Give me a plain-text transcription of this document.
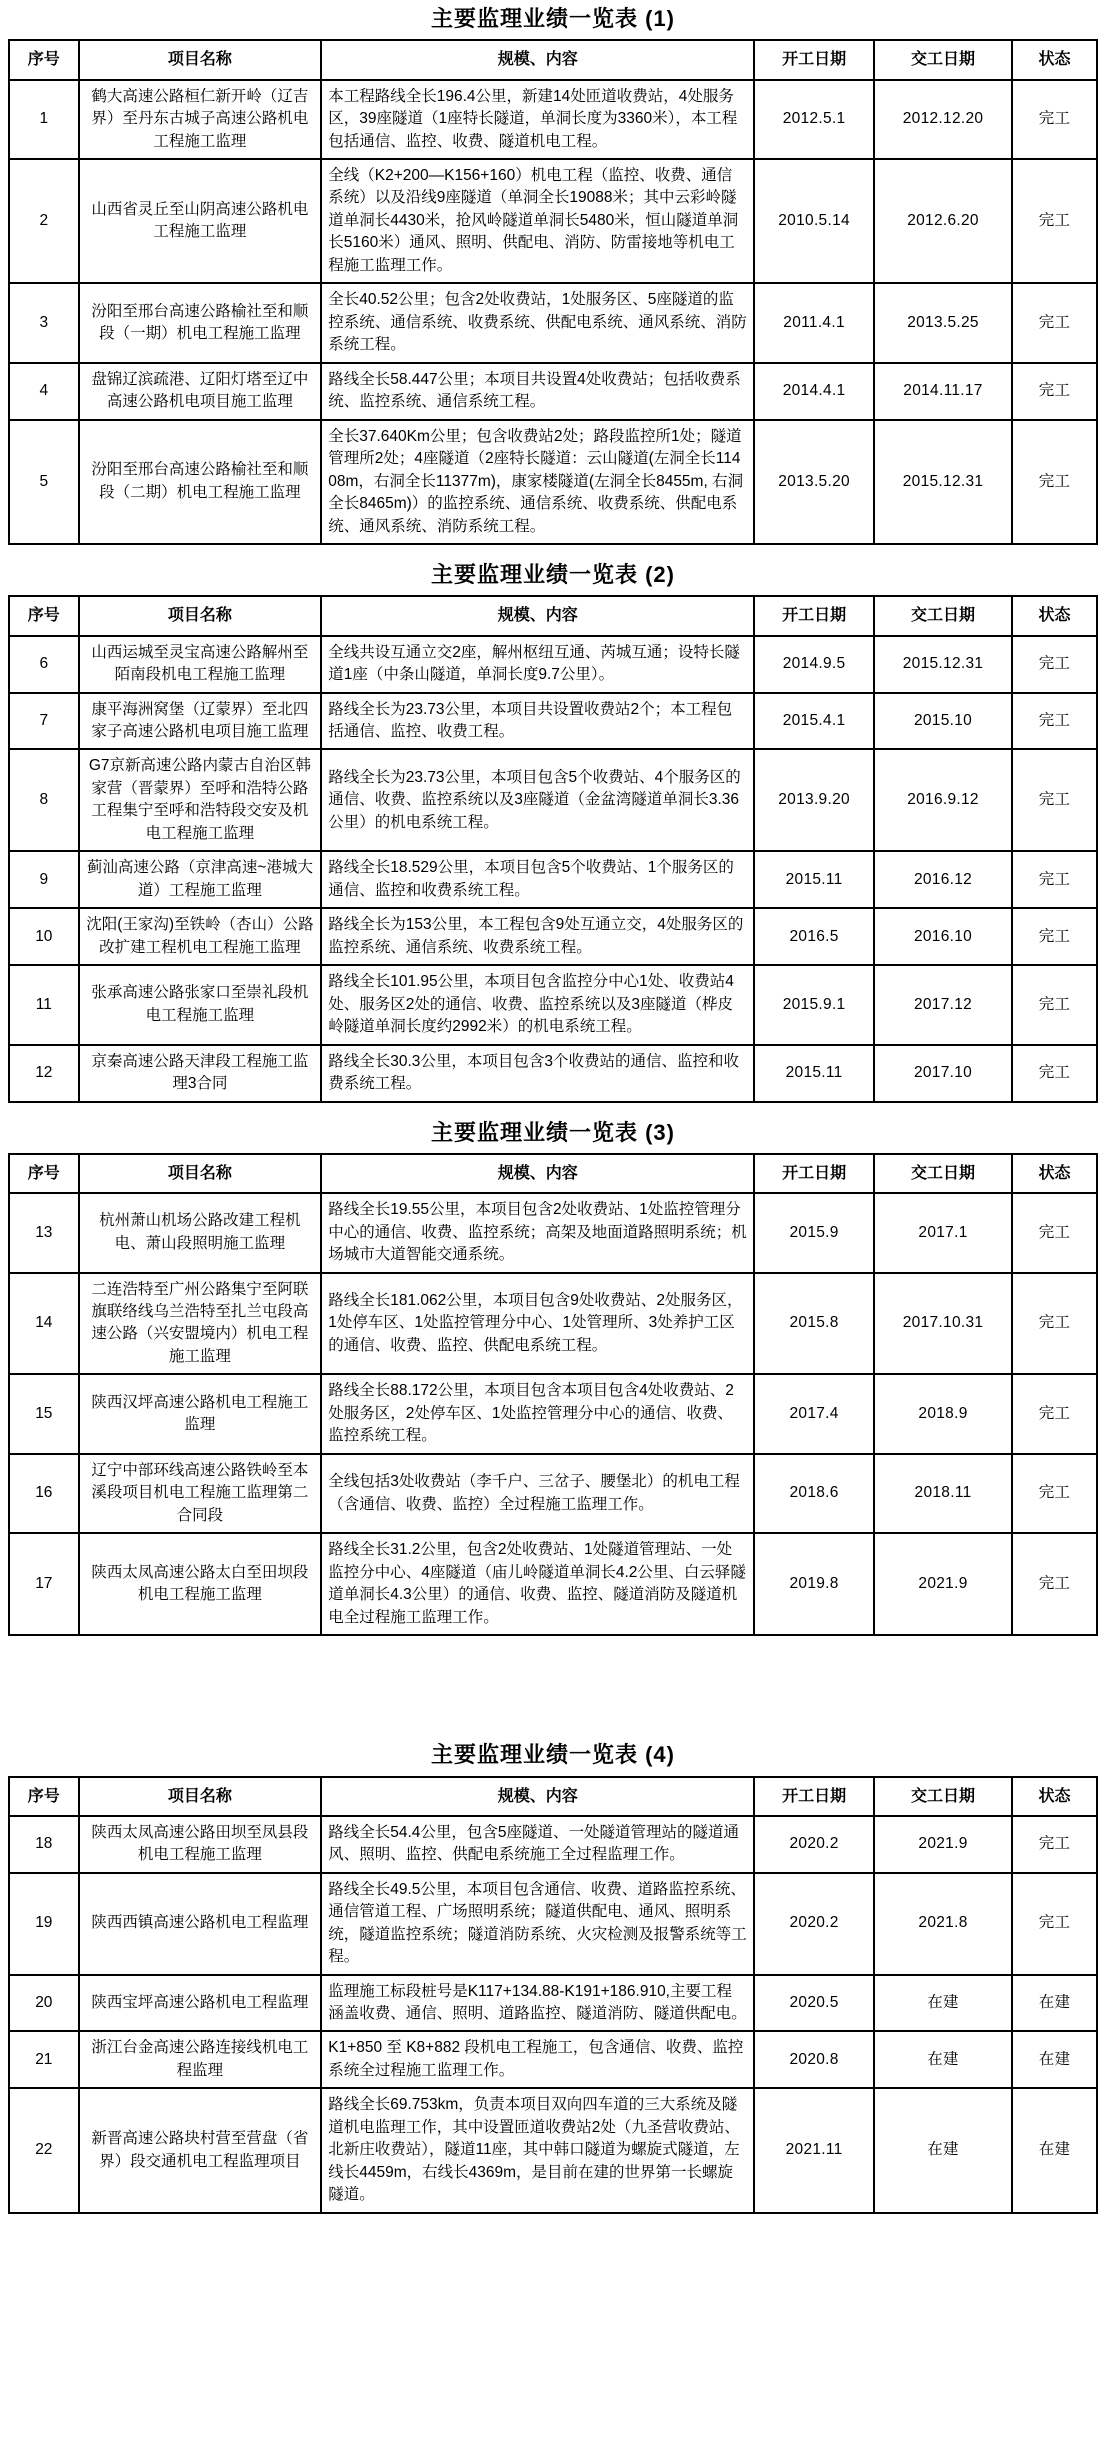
主要监理业绩一览表 (1)
序号	项目名称	规模、内容	开工日期	交工日期	状态
1	鹤大高速公路桓仁新开岭（辽吉界）至丹东古城子高速公路机电工程施工监理	本工程路线全长196.4公里，新建14处匝道收费站，4处服务区，39座隧道（1座特长隧道，单洞长度为3360米），本工程包括通信、监控、收费、隧道机电工程。	2012.5.1	2012.12.20	完工
2	山西省灵丘至山阴高速公路机电工程施工监理	全线（K2+200—K156+160）机电工程（监控、收费、通信系统）以及沿线9座隧道（单洞全长19088米；其中云彩岭隧道单洞长4430米，抢风岭隧道单洞长5480米，恒山隧道单洞长5160米）通风、照明、供配电、消防、防雷接地等机电工程施工监理工作。	2010.5.14	2012.6.20	完工
3	汾阳至邢台高速公路榆社至和顺段（一期）机电工程施工监理	全长40.52公里；包含2处收费站，1处服务区、5座隧道的监控系统、通信系统、收费系统、供配电系统、通风系统、消防系统工程。	2011.4.1	2013.5.25	完工
4	盘锦辽滨疏港、辽阳灯塔至辽中高速公路机电项目施工监理	路线全长58.447公里；本项目共设置4处收费站；包括收费系统、监控系统、通信系统工程。	2014.4.1	2014.11.17	完工
5	汾阳至邢台高速公路榆社至和顺段（二期）机电工程施工监理	全长37.640Km公里；包含收费站2处；路段监控所1处；隧道管理所2处；4座隧道（2座特长隧道：云山隧道(左洞全长11408m，右洞全长11377m)，康家楼隧道(左洞全长8455m, 右洞全长8465m)）的监控系统、通信系统、收费系统、供配电系统、通风系统、消防系统工程。	2013.5.20	2015.12.31	完工
主要监理业绩一览表 (2)
序号	项目名称	规模、内容	开工日期	交工日期	状态
6	山西运城至灵宝高速公路解州至陌南段机电工程施工监理	全线共设互通立交2座，解州枢纽互通、芮城互通；设特长隧道1座（中条山隧道，单洞长度9.7公里）。	2014.9.5	2015.12.31	完工
7	康平海洲窝堡（辽蒙界）至北四家子高速公路机电项目施工监理	路线全长为23.73公里，本项目共设置收费站2个；本工程包括通信、监控、收费工程。	2015.4.1	2015.10	完工
8	G7京新高速公路内蒙古自治区韩家营（晋蒙界）至呼和浩特公路工程集宁至呼和浩特段交安及机电工程施工监理	路线全长为23.73公里，本项目包含5个收费站、4个服务区的通信、收费、监控系统以及3座隧道（金盆湾隧道单洞长3.36公里）的机电系统工程。	2013.9.20	2016.9.12	完工
9	蓟汕高速公路（京津高速~港城大道）工程施工监理	路线全长18.529公里，本项目包含5个收费站、1个服务区的通信、监控和收费系统工程。	2015.11	2016.12	完工
10	沈阳(王家沟)至铁岭（杏山）公路改扩建工程机电工程施工监理	路线全长为153公里，本工程包含9处互通立交，4处服务区的监控系统、通信系统、收费系统工程。	2016.5	2016.10	完工
11	张承高速公路张家口至崇礼段机电工程施工监理	路线全长101.95公里，本项目包含监控分中心1处、收费站4处、服务区2处的通信、收费、监控系统以及3座隧道（桦皮岭隧道单洞长度约2992米）的机电系统工程。	2015.9.1	2017.12	完工
12	京秦高速公路天津段工程施工监理3合同	路线全长30.3公里，本项目包含3个收费站的通信、监控和收费系统工程。	2015.11	2017.10	完工
主要监理业绩一览表 (3)
序号	项目名称	规模、内容	开工日期	交工日期	状态
13	杭州萧山机场公路改建工程机电、萧山段照明施工监理	路线全长19.55公里，本项目包含2处收费站、1处监控管理分中心的通信、收费、监控系统；高架及地面道路照明系统；机场城市大道智能交通系统。	2015.9	2017.1	完工
14	二连浩特至广州公路集宁至阿联旗联络线乌兰浩特至扎兰屯段高速公路（兴安盟境内）机电工程施工监理	路线全长181.062公里，本项目包含9处收费站、2处服务区，1处停车区、1处监控管理分中心、1处管理所、3处养护工区的通信、收费、监控、供配电系统工程。	2015.8	2017.10.31	完工
15	陕西汉坪高速公路机电工程施工监理	路线全长88.172公里，本项目包含本项目包含4处收费站、2处服务区，2处停车区、1处监控管理分中心的通信、收费、监控系统工程。	2017.4	2018.9	完工
16	辽宁中部环线高速公路铁岭至本溪段项目机电工程施工监理第二合同段	全线包括3处收费站（李千户、三岔子、腰堡北）的机电工程（含通信、收费、监控）全过程施工监理工作。	2018.6	2018.11	完工
17	陕西太凤高速公路太白至田坝段机电工程施工监理	路线全长31.2公里，包含2处收费站、1处隧道管理站、一处监控分中心、4座隧道（庙儿岭隧道单洞长4.2公里、白云驿隧道单洞长4.3公里）的通信、收费、监控、隧道消防及隧道机电全过程施工监理工作。	2019.8	2021.9	完工
主要监理业绩一览表 (4)
序号	项目名称	规模、内容	开工日期	交工日期	状态
18	陕西太凤高速公路田坝至凤县段机电工程施工监理	路线全长54.4公里，包含5座隧道、一处隧道管理站的隧道通风、照明、监控、供配电系统施工全过程监理工作。	2020.2	2021.9	完工
19	陕西西镇高速公路机电工程监理	路线全长49.5公里，本项目包含通信、收费、道路监控系统、通信管道工程、广场照明系统；隧道供配电、通风、照明系统，隧道监控系统；隧道消防系统、火灾检测及报警系统等工程。	2020.2	2021.8	完工
20	陕西宝坪高速公路机电工程监理	监理施工标段桩号是K117+134.88-K191+186.910,主要工程涵盖收费、通信、照明、道路监控、隧道消防、隧道供配电。	2020.5	在建	在建
21	浙江台金高速公路连接线机电工程监理	K1+850 至 K8+882 段机电工程施工，包含通信、收费、监控系统全过程施工监理工作。	2020.8	在建	在建
22	新晋高速公路块村营至营盘（省界）段交通机电工程监理项目	路线全长69.753km，负责本项目双向四车道的三大系统及隧道机电监理工作，其中设置匝道收费站2处（九圣营收费站、北新庄收费站），隧道11座，其中韩口隧道为螺旋式隧道，左线长4459m，右线长4369m，是目前在建的世界第一长螺旋隧道。	2021.11	在建	在建
